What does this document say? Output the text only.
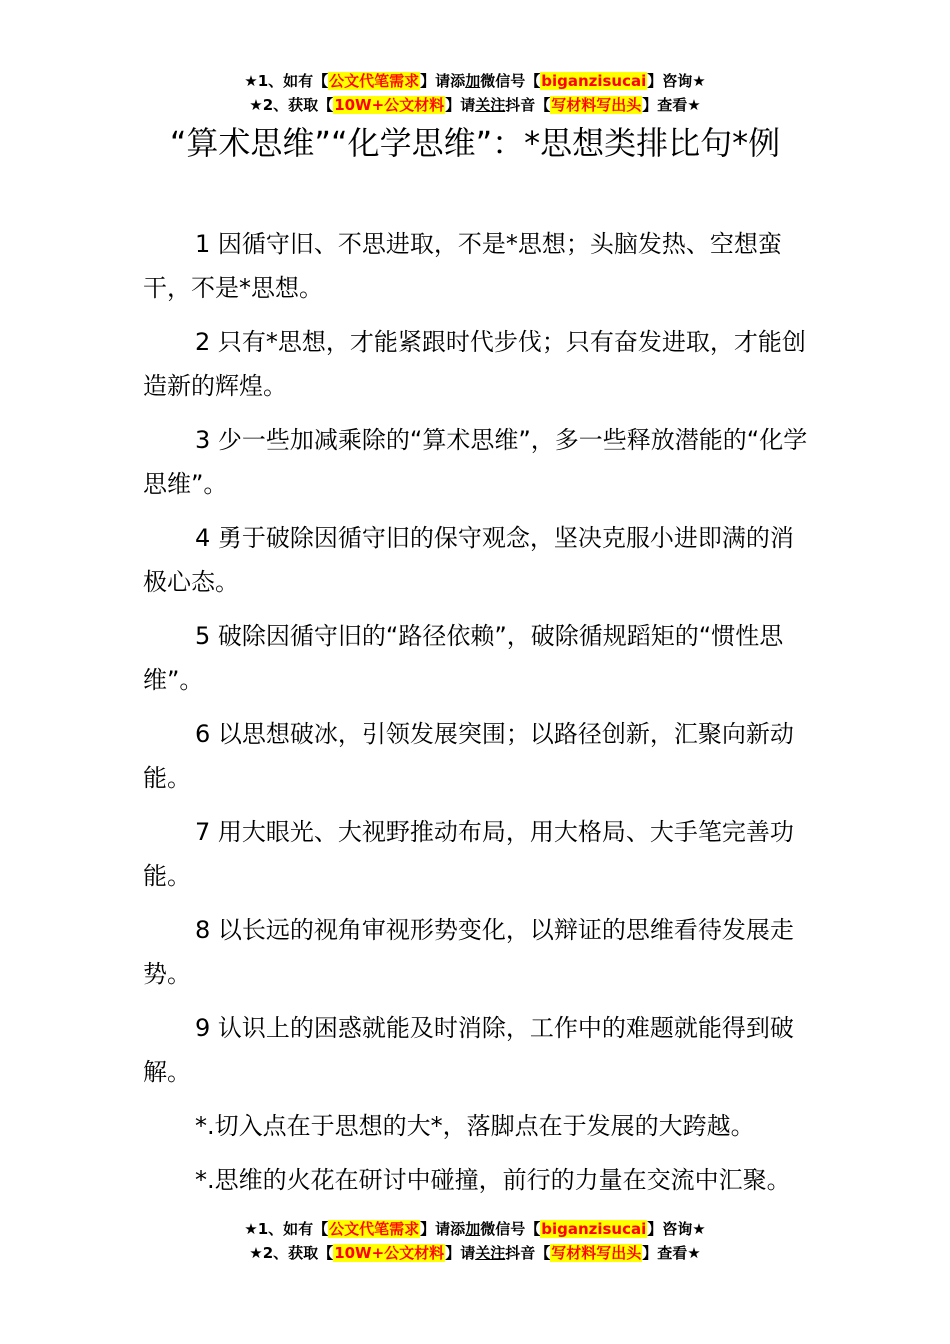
★1、如有【公文代笔需求】请添加微信号【biganzisucai】咨询★
★2、获取【10W+公文材料】请关注抖音【写材料写出头】查看★
“算术思维”“化学思维”：*思想类排比句*例

1 因循守旧、不思进取，不是*思想；头脑发热、空想蛮干，不是*思想。

2 只有*思想，才能紧跟时代步伐；只有奋发进取，才能创造新的辉煌。

3 少一些加减乘除的“算术思维”，多一些释放潜能的“化学思维”。

4 勇于破除因循守旧的保守观念，坚决克服小进即满的消极心态。

5 破除因循守旧的“路径依赖”，破除循规蹈矩的“惯性思维”。

6 以思想破冰，引领发展突围；以路径创新，汇聚向新动能。

7 用大眼光、大视野推动布局，用大格局、大手笔完善功能。

8 以长远的视角审视形势变化，以辩证的思维看待发展走势。

9 认识上的困惑就能及时消除，工作中的难题就能得到破解。

*.切入点在于思想的大*，落脚点在于发展的大跨越。

*.思维的火花在研讨中碰撞，前行的力量在交流中汇聚。

★1、如有【公文代笔需求】请添加微信号【biganzisucai】咨询★
★2、获取【10W+公文材料】请关注抖音【写材料写出头】查看★
